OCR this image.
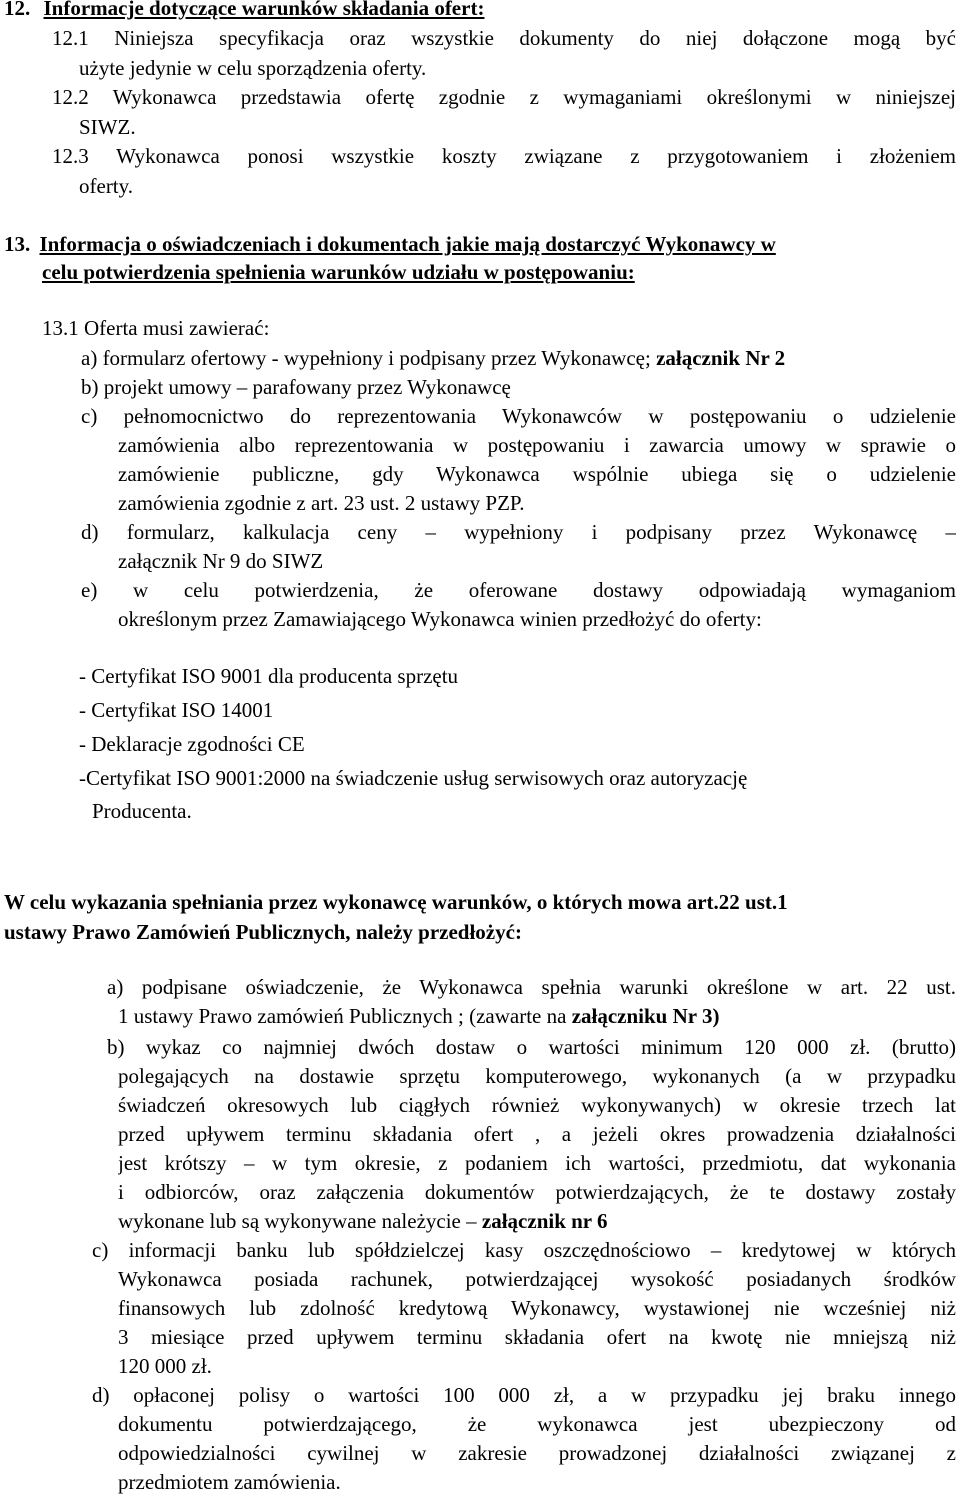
12. Informacje dotyczące warunków składania ofert:
12.1 Niniejsza specyfikacja oraz wszystkie dokumenty do niej dołączone mogą być
użyte jedynie w celu sporządzenia oferty.
12.2 Wykonawca przedstawia ofertę zgodnie z wymaganiami określonymi w niniejszej
SIWZ.
12.3 Wykonawca ponosi wszystkie koszty związane z przygotowaniem i złożeniem
oferty.
13. Informacja o oświadczeniach i dokumentach jakie mają dostarczyć Wykonawcy w
celu potwierdzenia spełnienia warunków udziału w postępowaniu:
13.1 Oferta musi zawierać:
a) formularz ofertowy - wypełniony i podpisany przez Wykonawcę; załącznik Nr 2
b) projekt umowy – parafowany przez Wykonawcę
c) pełnomocnictwo do reprezentowania Wykonawców w postępowaniu o udzielenie
zamówienia albo reprezentowania w postępowaniu i zawarcia umowy w sprawie o
zamówienie publiczne, gdy Wykonawca wspólnie ubiega się o udzielenie
zamówienia zgodnie z art. 23 ust. 2 ustawy PZP.
d) formularz, kalkulacja ceny – wypełniony i podpisany przez Wykonawcę –
załącznik Nr 9 do SIWZ
e) w celu potwierdzenia, że oferowane dostawy odpowiadają wymaganiom
określonym przez Zamawiającego Wykonawca winien przedłożyć do oferty:
- Certyfikat ISO 9001 dla producenta sprzętu
- Certyfikat ISO 14001
- Deklaracje zgodności CE
-Certyfikat ISO 9001:2000 na świadczenie usług serwisowych oraz autoryzację
Producenta.
W celu wykazania spełniania przez wykonawcę warunków, o których mowa art.22 ust.1
ustawy Prawo Zamówień Publicznych, należy przedłożyć:
a) podpisane oświadczenie, że Wykonawca spełnia warunki określone w art. 22 ust.
1 ustawy Prawo zamówień Publicznych ; (zawarte na załączniku Nr 3)
b) wykaz co najmniej dwóch dostaw o wartości minimum 120 000 zł. (brutto)
polegających na dostawie sprzętu komputerowego, wykonanych (a w przypadku
świadczeń okresowych lub ciągłych również wykonywanych) w okresie trzech lat
przed upływem terminu składania ofert , a jeżeli okres prowadzenia działalności
jest krótszy – w tym okresie, z podaniem ich wartości, przedmiotu, dat wykonania
i odbiorców, oraz załączenia dokumentów potwierdzających, że te dostawy zostały
wykonane lub są wykonywane należycie – załącznik nr 6
c) informacji banku lub spółdzielczej kasy oszczędnościowo – kredytowej w których
Wykonawca posiada rachunek, potwierdzającej wysokość posiadanych środków
finansowych lub zdolność kredytową Wykonawcy, wystawionej nie wcześniej niż
3 miesiące przed upływem terminu składania ofert na kwotę nie mniejszą niż
120 000 zł.
d) opłaconej polisy o wartości 100 000 zł, a w przypadku jej braku innego
dokumentu potwierdzającego, że wykonawca jest ubezpieczony od
odpowiedzialności cywilnej w zakresie prowadzonej działalności związanej z
przedmiotem zamówienia.
